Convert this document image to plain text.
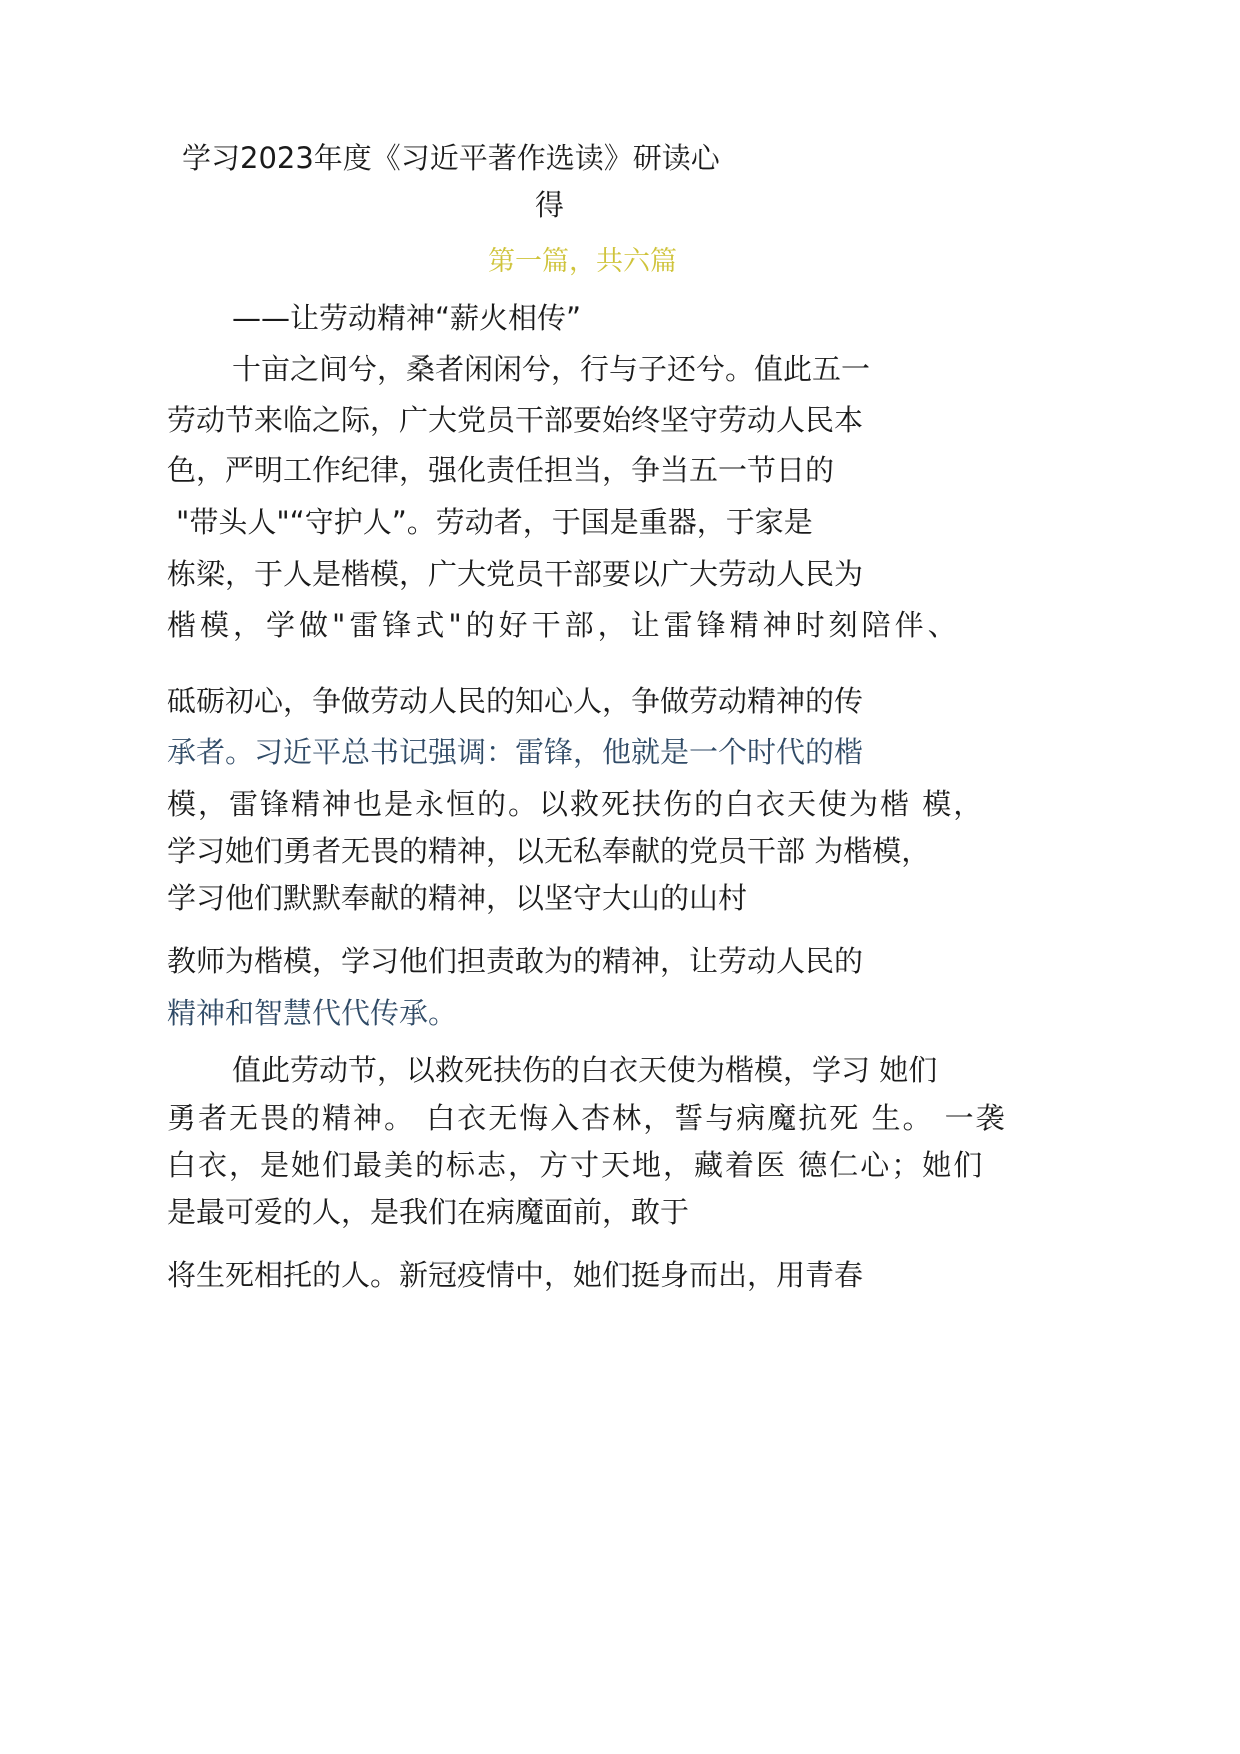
学习2023年度《习近平著作选读》研读心
得
第一篇，共六篇
——让劳动精神“薪火相传”
十亩之间兮，桑者闲闲兮，行与子还兮。值此五一
劳动节来临之际，广大党员干部要始终坚守劳动人民本
色，严明工作纪律，强化责任担当，争当五一节日的
"带头人"“守护人”。劳动者，于国是重器，于家是
栋梁，于人是楷模，广大党员干部要以广大劳动人民为
楷模，学做"雷锋式"的好干部，让雷锋精神时刻陪伴、
砥砺初心，争做劳动人民的知心人，争做劳动精神的传
承者。习近平总书记强调：雷锋，他就是一个时代的楷
模，雷锋精神也是永恒的。以救死扶伤的白衣天使为楷 模，
学习她们勇者无畏的精神，以无私奉献的党员干部 为楷模，
学习他们默默奉献的精神，以坚守大山的山村
教师为楷模，学习他们担责敢为的精神，让劳动人民的
精神和智慧代代传承。
值此劳动节，以救死扶伤的白衣天使为楷模，学习 她们
勇者无畏的精神。 白衣无悔入杏林，誓与病魔抗死 生。 一袭
白衣，是她们最美的标志，方寸天地，藏着医 德仁心；她们
是最可爱的人，是我们在病魔面前，敢于
将生死相托的人。新冠疫情中，她们挺身而出，用青春
